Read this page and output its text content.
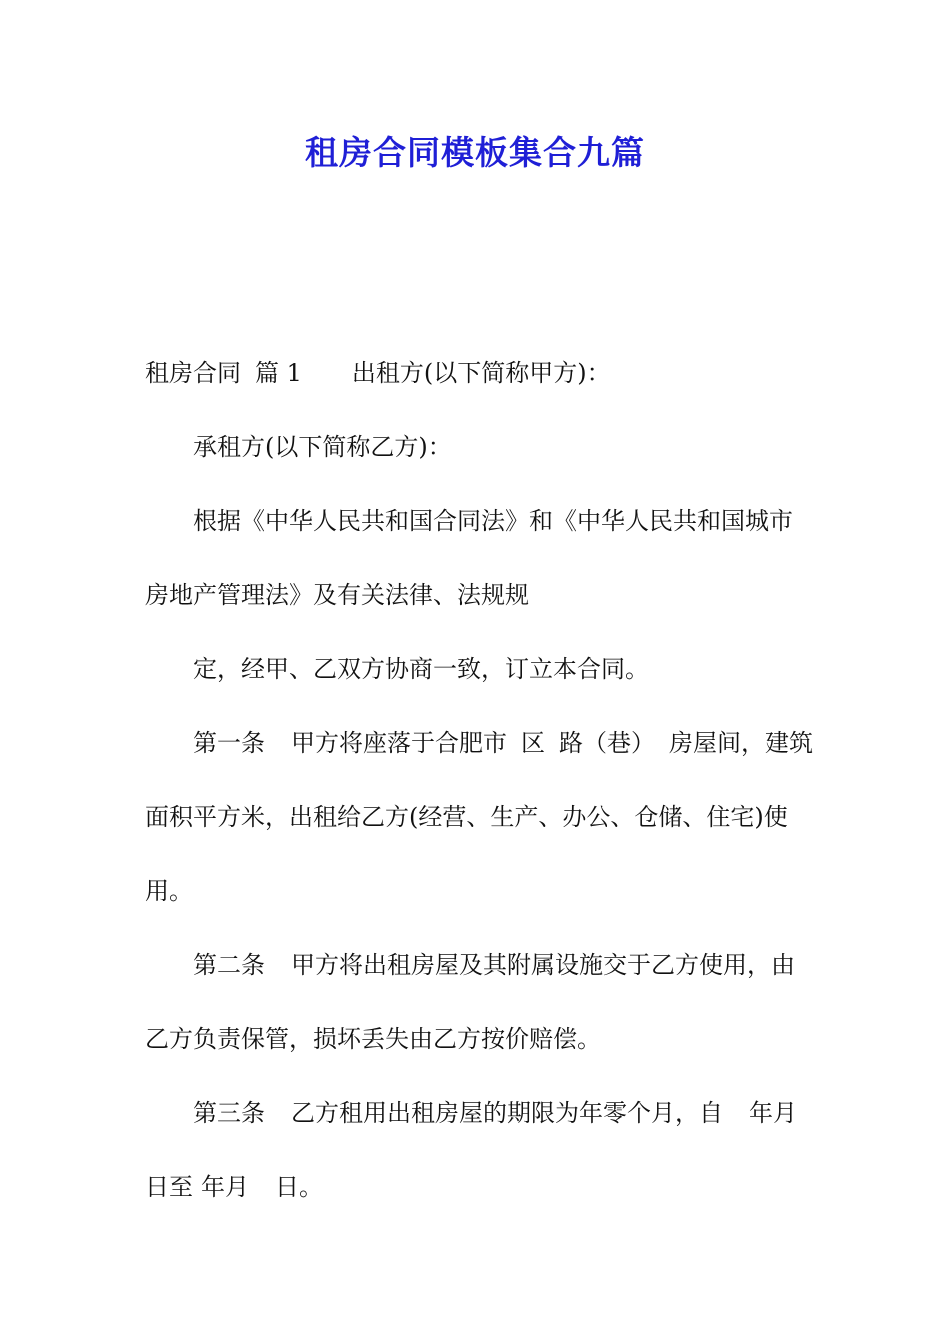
租房合同模板集合九篇
租房合同 篇 1 出租方(以下简称甲方)：
承租方(以下简称乙方)：
根据《中华人民共和国合同法》和《中华人民共和国城市
房地产管理法》及有关法律、法规规
定，经甲、乙双方协商一致，订立本合同。
第一条 甲方将座落于合肥市 区 路（巷） 房屋间，建筑
面积平方米，出租给乙方(经营、生产、办公、仓储、住宅)使
用。
第二条 甲方将出租房屋及其附属设施交于乙方使用，由
乙方负责保管，损坏丢失由乙方按价赔偿。
第三条 乙方租用出租房屋的期限为年零个月，自 年月
日至 年月 日。
